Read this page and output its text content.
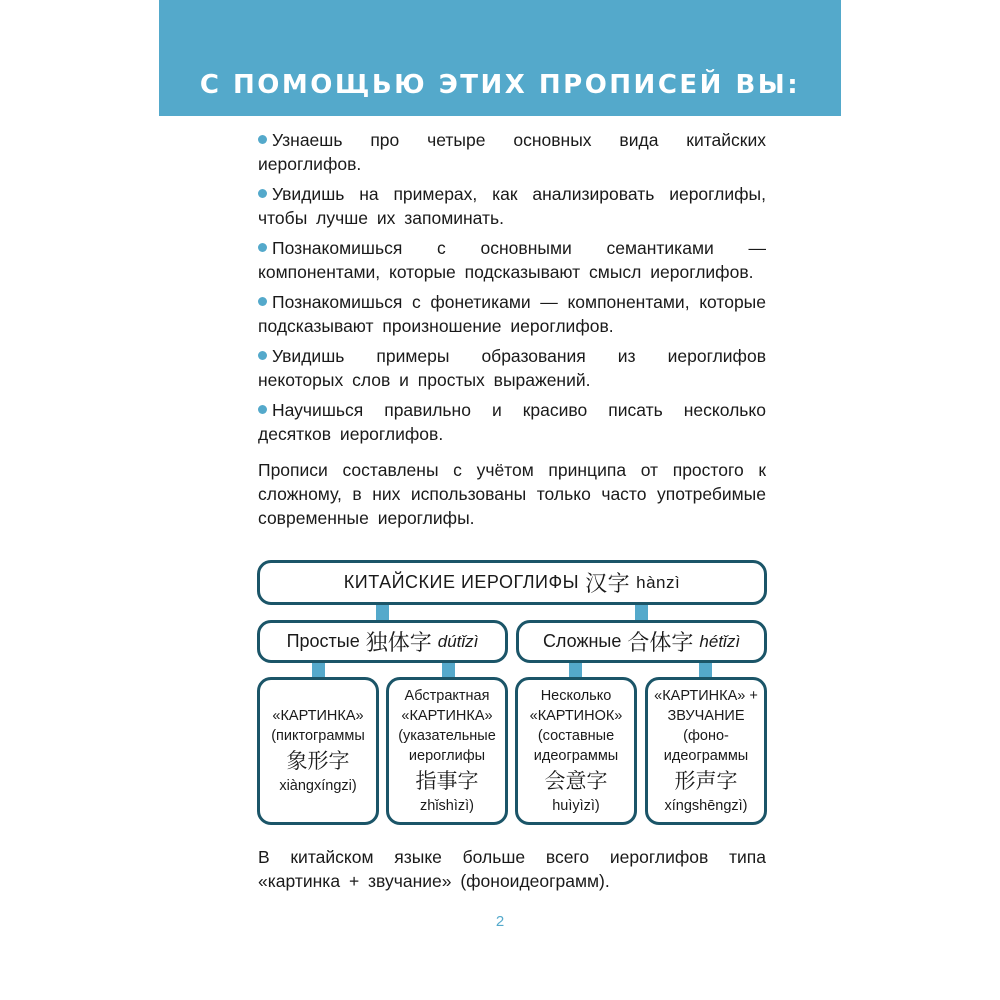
С ПОМОЩЬЮ ЭТИХ ПРОПИСЕЙ ВЫ:

Узнаешь про четыре основных вида китайских иероглифов.

Увидишь на примерах, как анализировать иероглифы, чтобы лучше их запоминать.

Познакомишься с основными семантиками — компонентами, которые подсказывают смысл иероглифов.

Познакомишься с фонетиками — компонентами, которые подсказывают произношение иероглифов.

Увидишь примеры образования из иероглифов некоторых слов и простых выражений.

Научишься правильно и красиво писать несколько десятков иероглифов.

Прописи составлены с учётом принципа от простого к сложному, в них использованы только часто употребимые современные иероглифы.

КИТАЙСКИЕ ИЕРОГЛИФЫ 汉字 hànzì
Простые 独体字 dútǐzì	Сложные 合体字 hétǐzì
«КАРТИНКА»
(пиктограммы
象形字
xiàngxíngzi)
Абстрактная
«КАРТИНКА»
(указательные иероглифы
指事字
zhǐshìzì)
Несколько
«КАРТИНОК»
(составные идеограммы
会意字
huìyìzì)
«КАРТИНКА» +
ЗВУЧАНИЕ
(фоно-идеограммы
形声字
xíngshēngzì)
В китайском языке больше всего иероглифов типа «картинка + звучание» (фоноидеограмм).
2
